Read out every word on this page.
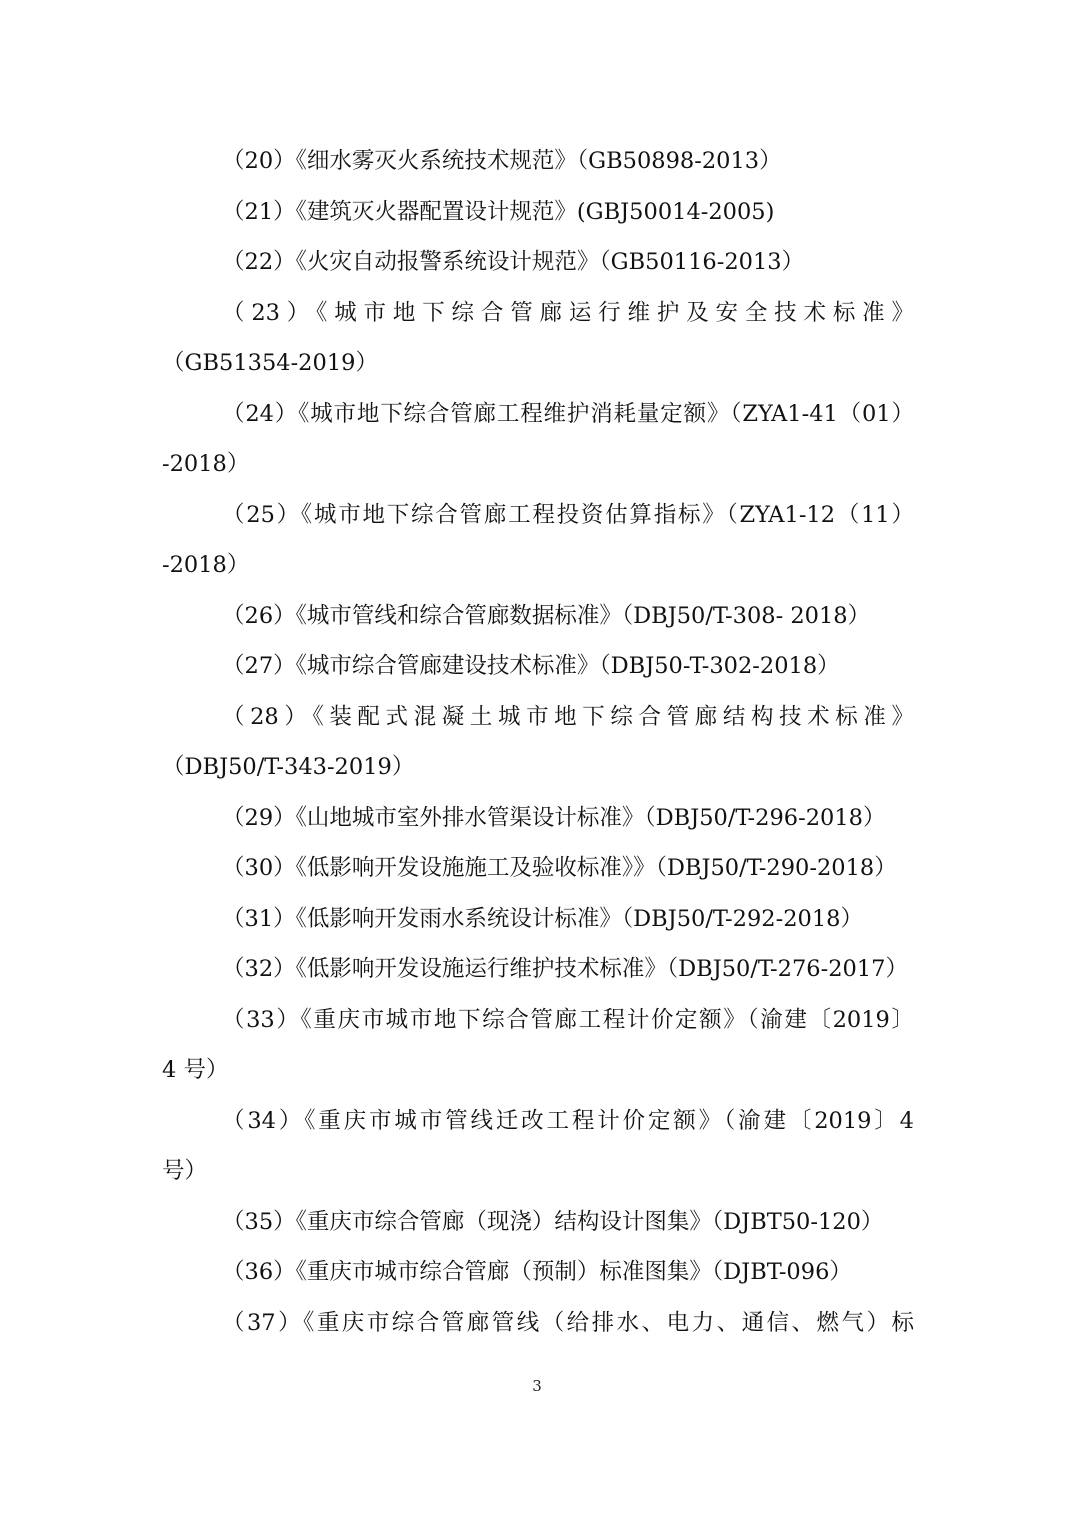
（20）《细水雾灭火系统技术规范》（GB50898-2013）
（21）《建筑灭火器配置设计规范》(GBJ50014-2005)
（22）《火灾自动报警系统设计规范》（GB50116-2013）
（23）《城市地下综合管廊运行维护及安全技术标准》
（GB51354-2019）
（24）《城市地下综合管廊工程维护消耗量定额》（ZYA1-41（01）
-2018）
（25）《城市地下综合管廊工程投资估算指标》（ZYA1-12（11）
-2018）
（26）《城市管线和综合管廊数据标准》（DBJ50/T-308- 2018）
（27）《城市综合管廊建设技术标准》（DBJ50-T-302-2018）
（28）《装配式混凝土城市地下综合管廊结构技术标准》
（DBJ50/T-343-2019）
（29）《山地城市室外排水管渠设计标准》（DBJ50/T-296-2018）
（30）《低影响开发设施施工及验收标准》》（DBJ50/T-290-2018）
（31）《低影响开发雨水系统设计标准》（DBJ50/T-292-2018）
（32）《低影响开发设施运行维护技术标准》（DBJ50/T-276-2017）
（33）《重庆市城市地下综合管廊工程计价定额》（渝建〔2019〕
4 号）
（34）《重庆市城市管线迁改工程计价定额》（渝建〔2019〕4
号）
（35）《重庆市综合管廊（现浇）结构设计图集》（DJBT50-120）
（36）《重庆市城市综合管廊（预制）标准图集》（DJBT-096）
（37）《重庆市综合管廊管线（给排水、电力、通信、燃气）标
3
